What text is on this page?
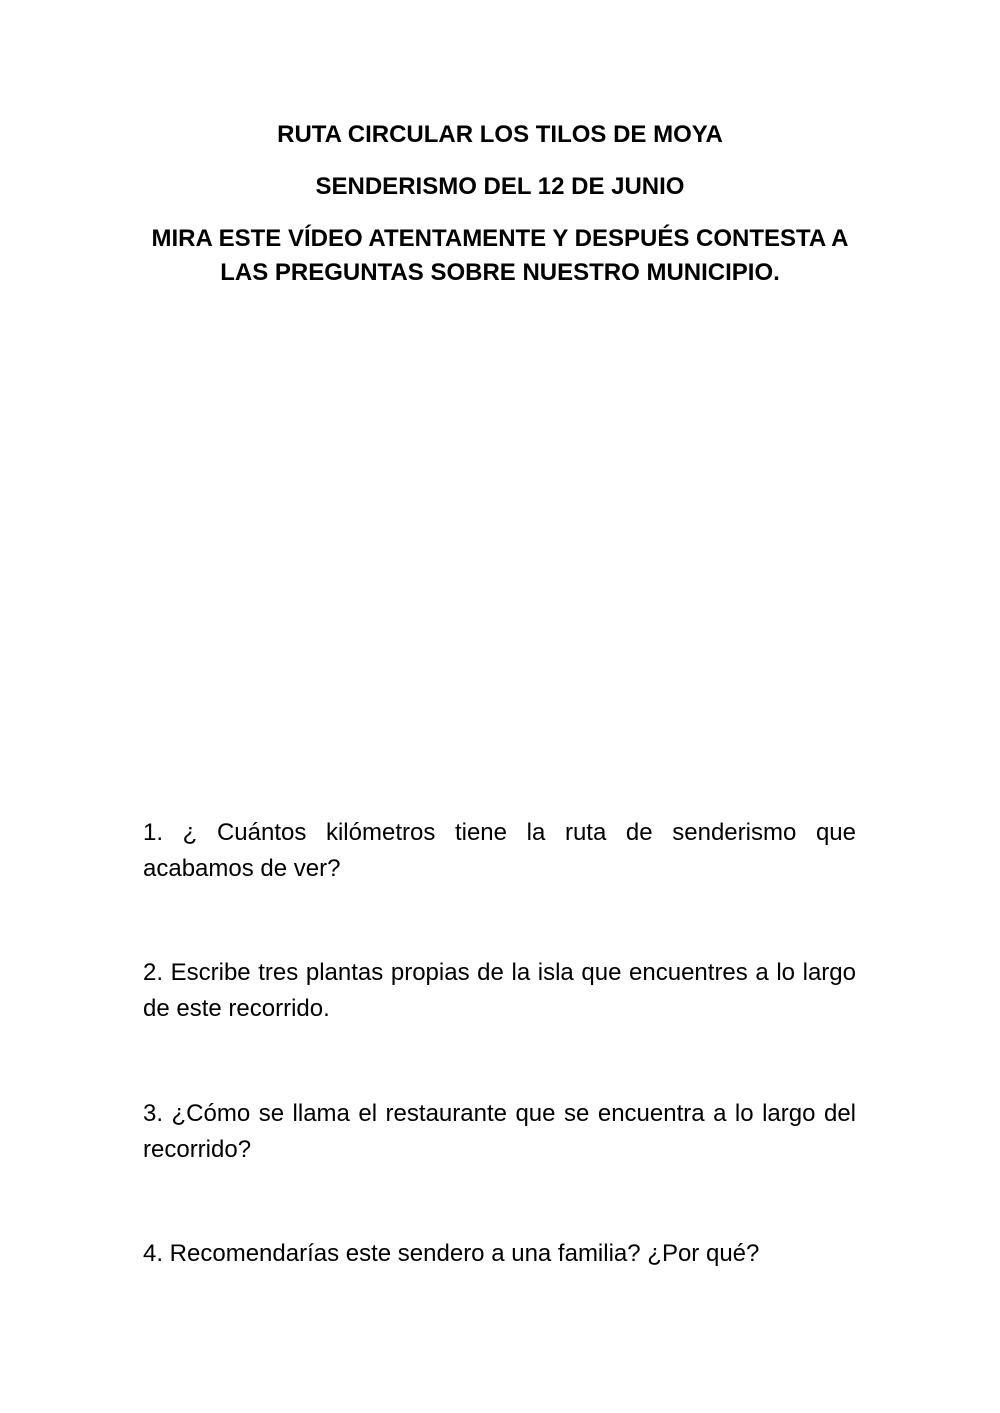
RUTA CIRCULAR LOS TILOS DE MOYA
SENDERISMO DEL 12 DE JUNIO
MIRA ESTE VÍDEO ATENTAMENTE Y DESPUÉS CONTESTA A LAS PREGUNTAS SOBRE NUESTRO MUNICIPIO.

1. ¿ Cuántos kilómetros tiene la ruta de senderismo que acabamos de ver?

2. Escribe tres plantas propias de la isla que encuentres a lo largo de este recorrido.

3. ¿Cómo se llama el restaurante que se encuentra a lo largo del recorrido?

4. Recomendarías este sendero a una familia? ¿Por qué?
